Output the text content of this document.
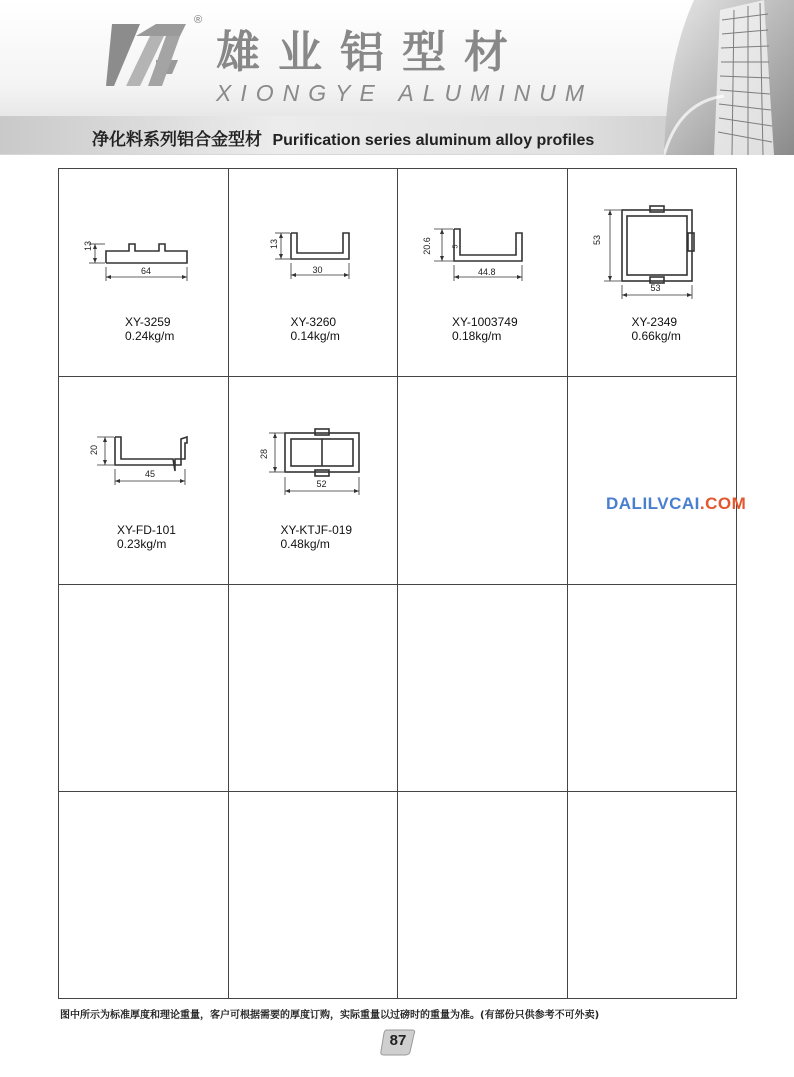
®
雄业铝型材
XIONGYE ALUMINUM
净化料系列铝合金型材 Purification series aluminum alloy profiles
13
64
XY-3259
0.24kg/m
13
30
XY-3260
0.14kg/m
20.6	5
44.8
XY-1003749
0.18kg/m
53
53
XY-2349
0.66kg/m
20
45
XY-FD-101
0.23kg/m
28
52
XY-KTJF-019
0.48kg/m
DALILVCAI.COM
图中所示为标准厚度和理论重量，客户可根据需要的厚度订购，实际重量以过磅时的重量为准。(有部份只供参考不可外卖)
87
